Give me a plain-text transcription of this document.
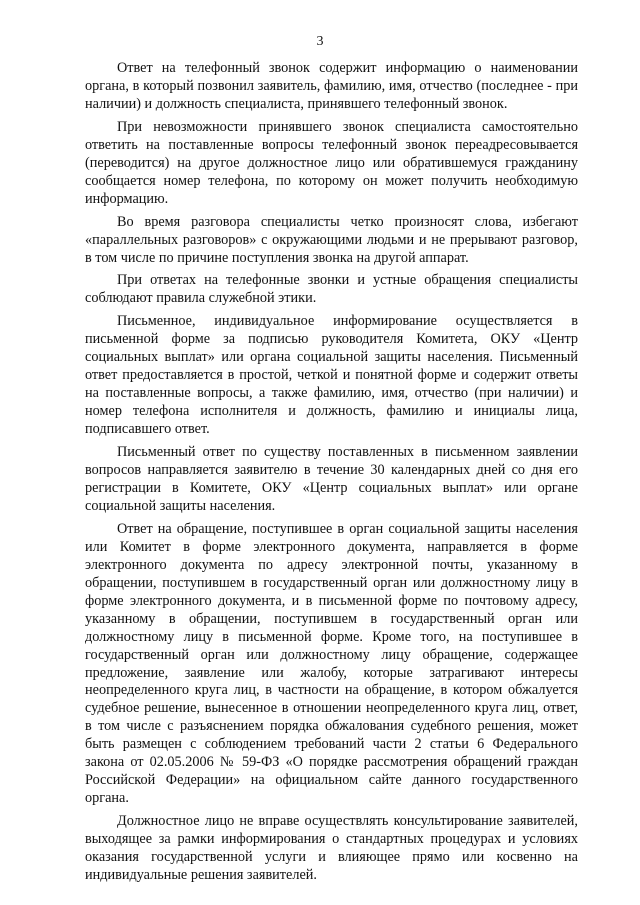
3

Ответ на телефонный звонок содержит информацию о наименовании органа, в который позвонил заявитель, фамилию, имя, отчество (последнее - при наличии) и должность специалиста, принявшего телефонный звонок.

При невозможности принявшего звонок специалиста самостоятельно ответить на поставленные вопросы телефонный звонок переадресовывается (переводится) на другое должностное лицо или обратившемуся гражданину сообщается номер телефона, по которому он может получить необходимую информацию.

Во время разговора специалисты четко произносят слова, избегают «параллельных разговоров» с окружающими людьми и не прерывают разговор, в том числе по причине поступления звонка на другой аппарат.

При ответах на телефонные звонки и устные обращения специалисты соблюдают правила служебной этики.

Письменное, индивидуальное информирование осуществляется в письменной форме за подписью руководителя Комитета, ОКУ «Центр социальных выплат» или органа социальной защиты населения. Письменный ответ предоставляется в простой, четкой и понятной форме и содержит ответы на поставленные вопросы, а также фамилию, имя, отчество (при наличии) и номер телефона исполнителя и должность, фамилию и инициалы лица, подписавшего ответ.

Письменный ответ по существу поставленных в письменном заявлении вопросов направляется заявителю в течение 30 календарных дней со дня его регистрации в Комитете, ОКУ «Центр социальных выплат» или органе социальной защиты населения.

Ответ на обращение, поступившее в орган социальной защиты населения или Комитет в форме электронного документа, направляется в форме электронного документа по адресу электронной почты, указанному в обращении, поступившем в государственный орган или должностному лицу в форме электронного документа, и в письменной форме по почтовому адресу, указанному в обращении, поступившем в государственный орган или должностному лицу в письменной форме. Кроме того, на поступившее в государственный орган или должностному лицу обращение, содержащее предложение, заявление или жалобу, которые затрагивают интересы неопределенного круга лиц, в частности на обращение, в котором обжалуется судебное решение, вынесенное в отношении неопределенного круга лиц, ответ, в том числе с разъяснением порядка обжалования судебного решения, может быть размещен с соблюдением требований части 2 статьи 6 Федерального закона от 02.05.2006 № 59-ФЗ «О порядке рассмотрения обращений граждан Российской Федерации» на официальном сайте данного государственного органа.

Должностное лицо не вправе осуществлять консультирование заявителей, выходящее за рамки информирования о стандартных процедурах и условиях оказания государственной услуги и влияющее прямо или косвенно на индивидуальные решения заявителей.
